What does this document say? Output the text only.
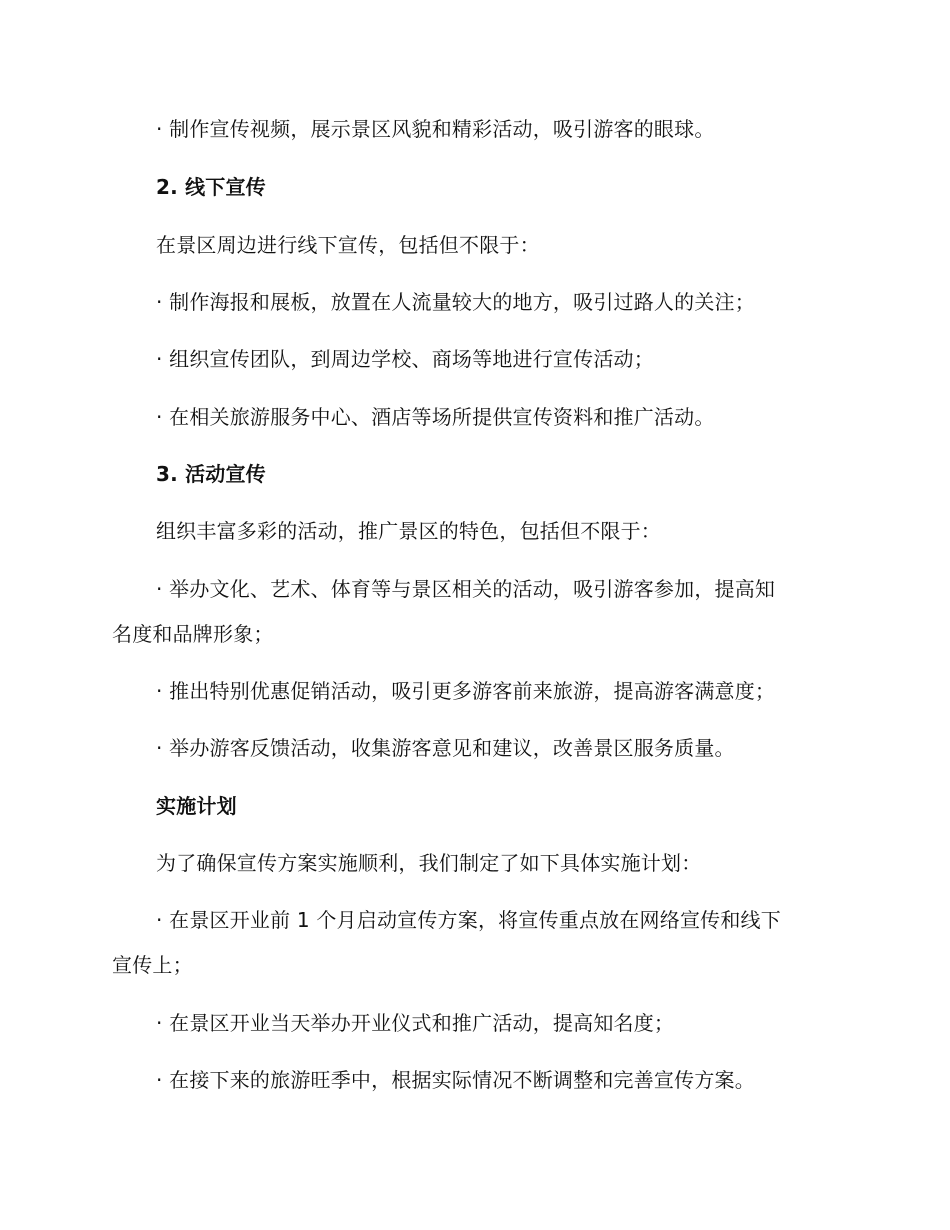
· 制作宣传视频，展示景区风貌和精彩活动，吸引游客的眼球。
2. 线下宣传
在景区周边进行线下宣传，包括但不限于：
· 制作海报和展板，放置在人流量较大的地方，吸引过路人的关注；
· 组织宣传团队，到周边学校、商场等地进行宣传活动；
· 在相关旅游服务中心、酒店等场所提供宣传资料和推广活动。
3. 活动宣传
组织丰富多彩的活动，推广景区的特色，包括但不限于：
· 举办文化、艺术、体育等与景区相关的活动，吸引游客参加，提高知
名度和品牌形象；
· 推出特别优惠促销活动，吸引更多游客前来旅游，提高游客满意度；
· 举办游客反馈活动，收集游客意见和建议，改善景区服务质量。
实施计划
为了确保宣传方案实施顺利，我们制定了如下具体实施计划：
· 在景区开业前 1 个月启动宣传方案，将宣传重点放在网络宣传和线下
宣传上；
· 在景区开业当天举办开业仪式和推广活动，提高知名度；
· 在接下来的旅游旺季中，根据实际情况不断调整和完善宣传方案。
